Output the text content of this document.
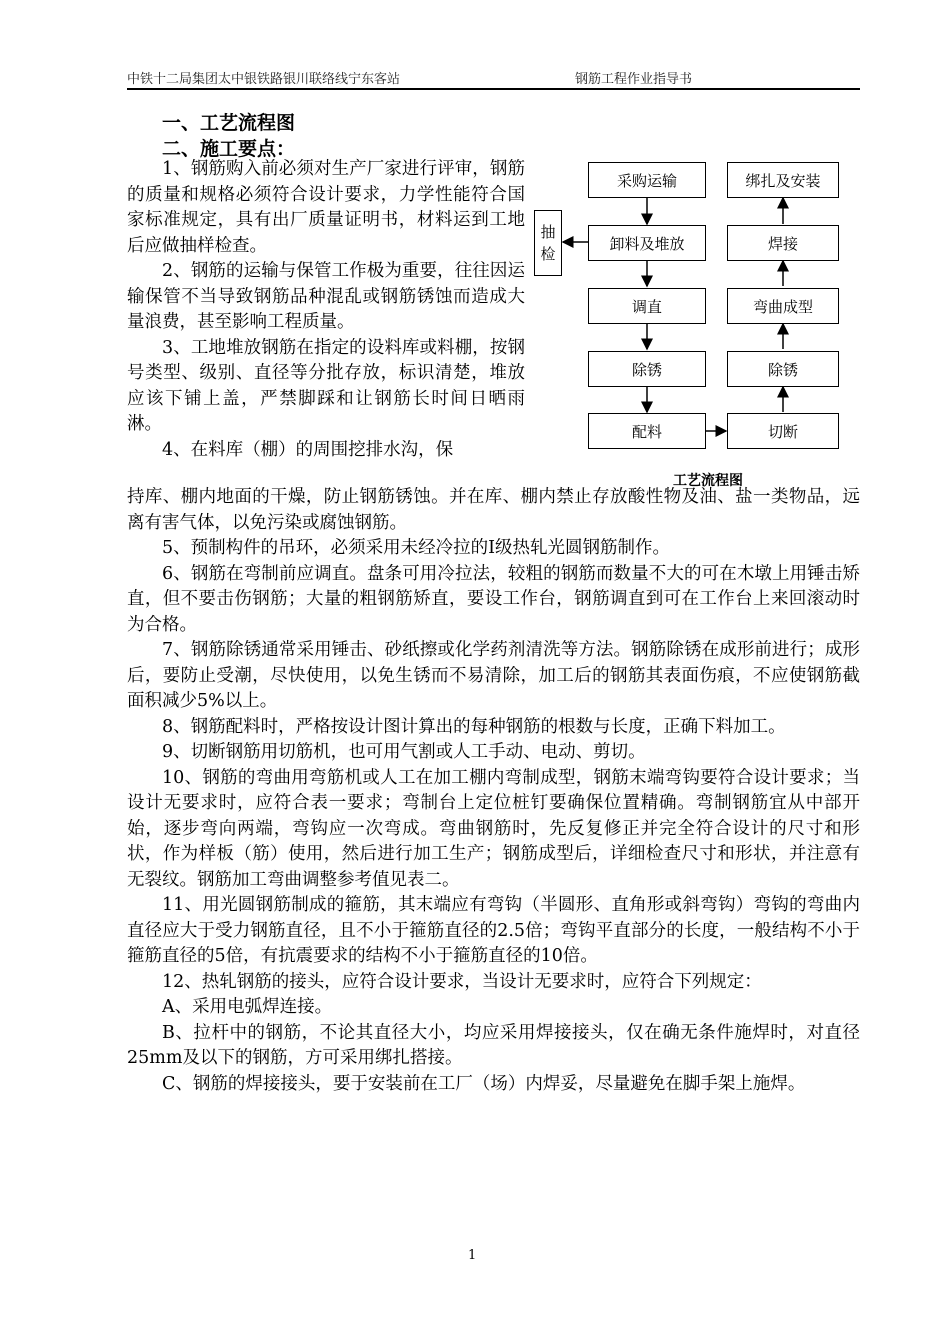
中铁十二局集团太中银铁路银川联络线宁东客站	钢筋工程作业指导书
一、工艺流程图
二、施工要点：

1、钢筋购入前必须对生产厂家进行评审，钢筋的质量和规格必须符合设计要求，力学性能符合国家标准规定，具有出厂质量证明书，材料运到工地后应做抽样检查。

2、钢筋的运输与保管工作极为重要，往往因运输保管不当导致钢筋品种混乱或钢筋锈蚀而造成大量浪费，甚至影响工程质量。

3、工地堆放钢筋在指定的设料库或料棚，按钢号类型、级别、直径等分批存放，标识清楚，堆放应该下铺上盖，严禁脚踩和让钢筋长时间日晒雨淋。

4、在料库（棚）的周围挖排水沟，保

抽
检
采购运输
卸料及堆放
调直
除锈
配料
绑扎及安装
焊接
弯曲成型
除锈
切断
工艺流程图

持库、棚内地面的干燥，防止钢筋锈蚀。并在库、棚内禁止存放酸性物及油、盐一类物品，远离有害气体，以免污染或腐蚀钢筋。

5、预制构件的吊环，必须采用未经冷拉的Ⅰ级热轧光圆钢筋制作。

6、钢筋在弯制前应调直。盘条可用冷拉法，较粗的钢筋而数量不大的可在木墩上用锤击矫直，但不要击伤钢筋；大量的粗钢筋矫直，要设工作台，钢筋调直到可在工作台上来回滚动时为合格。

7、钢筋除锈通常采用锤击、砂纸擦或化学药剂清洗等方法。钢筋除锈在成形前进行；成形后，要防止受潮，尽快使用，以免生锈而不易清除，加工后的钢筋其表面伤痕，不应使钢筋截面积减少5%以上。

8、钢筋配料时，严格按设计图计算出的每种钢筋的根数与长度，正确下料加工。

9、切断钢筋用切筋机，也可用气割或人工手动、电动、剪切。

10、钢筋的弯曲用弯筋机或人工在加工棚内弯制成型，钢筋末端弯钩要符合设计要求；当设计无要求时，应符合表一要求；弯制台上定位桩钉要确保位置精确。弯制钢筋宜从中部开始，逐步弯向两端，弯钩应一次弯成。弯曲钢筋时，先反复修正并完全符合设计的尺寸和形状，作为样板（筋）使用，然后进行加工生产；钢筋成型后，详细检查尺寸和形状，并注意有无裂纹。钢筋加工弯曲调整参考值见表二。

11、用光圆钢筋制成的箍筋，其末端应有弯钩（半圆形、直角形或斜弯钩）弯钩的弯曲内直径应大于受力钢筋直径，且不小于箍筋直径的2.5倍；弯钩平直部分的长度，一般结构不小于箍筋直径的5倍，有抗震要求的结构不小于箍筋直径的10倍。

12、热轧钢筋的接头，应符合设计要求，当设计无要求时，应符合下列规定：

A、采用电弧焊连接。

B、拉杆中的钢筋，不论其直径大小，均应采用焊接接头，仅在确无条件施焊时，对直径25mm及以下的钢筋，方可采用绑扎搭接。

C、钢筋的焊接接头，要于安装前在工厂（场）内焊妥，尽量避免在脚手架上施焊。

1
